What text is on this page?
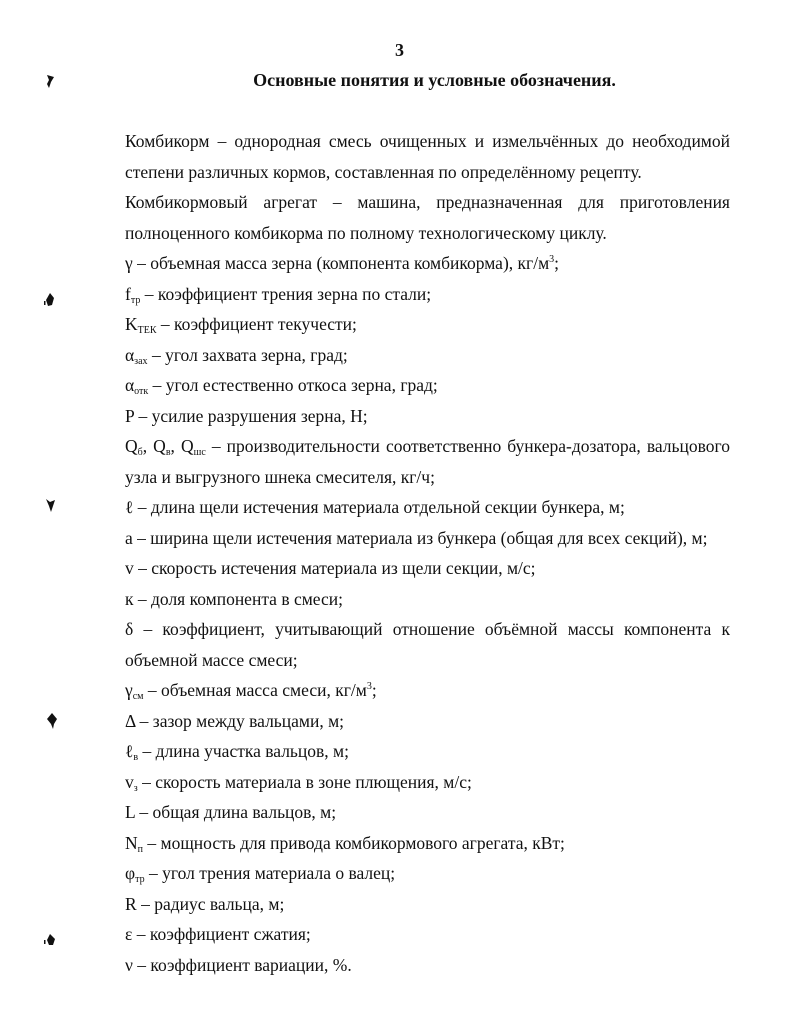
3
Основные понятия и условные обозначения.

Комбикорм – однородная смесь очищенных и измельчённых до необходимой степени различных кормов, составленная по определённому рецепту.

Комбикормовый агрегат – машина, предназначенная для приготовления полноценного комбикорма по полному технологическому циклу.

γ – объемная масса зерна (компонента комбикорма), $кг/м^3$;

$f_{тр}$ – коэффициент трения зерна по стали;

$K_{ТЕК}$ – коэффициент текучести;

$\alpha_{зах}$ – угол захвата зерна, град;

$\alpha_{отк}$ – угол естественно откоса зерна, град;

P – усилие разрушения зерна, Н;

$Q_б$, $Q_в$, $Q_{шс}$ – производительности соответственно бункера-дозатора, вальцового узла и выгрузного шнека смесителя, кг/ч;

ℓ – длина щели истечения материала отдельной секции бункера, м;

а – ширина щели истечения материала из бункера (общая для всех секций), м;

v – скорость истечения материала из щели секции, м/с;

к – доля компонента в смеси;

δ – коэффициент, учитывающий отношение объёмной массы компонента к объемной массе смеси;

$\gamma_{см}$ – объемная масса смеси, $кг/м^3$;

Δ – зазор между вальцами, м;

ℓ$_в$ – длина участка вальцов, м;

$v_з$ – скорость материала в зоне плющения, м/с;

L – общая длина вальцов, м;

$N_п$ – мощность для привода комбикормового агрегата, кВт;

$\varphi_{тр}$ – угол трения материала о валец;

R – радиус вальца, м;

ε – коэффициент сжатия;

ν – коэффициент вариации, %.
